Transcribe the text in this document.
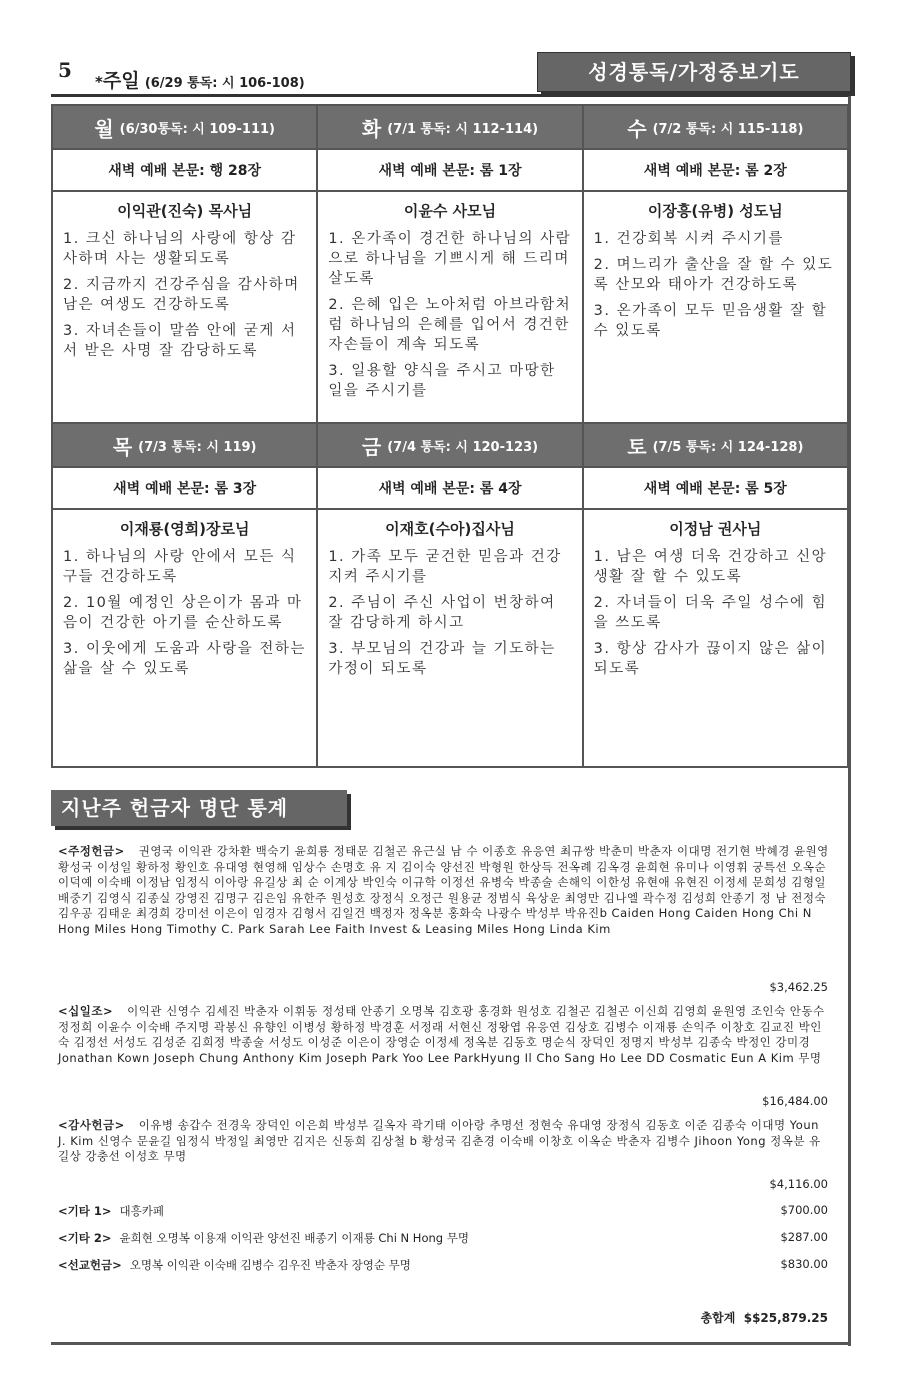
5 *주일 (6/29 통독: 시 106-108)	성경통독/가정중보기도
월 (6/30통독: 시 109-111)
새벽 예배 본문: 행 28장
이익관(진숙) 목사님

1. 크신 하나님의 사랑에 항상 감사하며 사는 생활되도록

2. 지금까지 건강주심을 감사하며 남은 여생도 건강하도록

3. 자녀손들이 말씀 안에 굳게 서서 받은 사명 잘 감당하도록

화 (7/1 통독: 시 112-114)
새벽 예배 본문: 롬 1장
이윤수 사모님

1. 온가족이 경건한 하나님의 사람으로 하나님을 기쁘시게 해 드리며 살도록

2. 은혜 입은 노아처럼 아브라함처럼 하나님의 은혜를 입어서 경건한 자손들이 계속 되도록

3. 일용할 양식을 주시고 마땅한 일을 주시기를

수 (7/2 통독: 시 115-118)
새벽 예배 본문: 롬 2장
이장흥(유병) 성도님

1. 건강회복 시켜 주시기를

2. 며느리가 출산을 잘 할 수 있도록 산모와 태아가 건강하도록

3. 온가족이 모두 믿음생활 잘 할 수 있도록

목 (7/3 통독: 시 119)
새벽 예배 본문: 롬 3장
이재룡(영희)장로님

1. 하나님의 사랑 안에서 모든 식구들 건강하도록

2. 10월 예정인 상은이가 몸과 마음이 건강한 아기를 순산하도록

3. 이웃에게 도움과 사랑을 전하는 삶을 살 수 있도록

금 (7/4 통독: 시 120-123)
새벽 예배 본문: 롬 4장
이재호(수아)집사님

1. 가족 모두 굳건한 믿음과 건강 지켜 주시기를

2. 주님이 주신 사업이 번창하여 잘 감당하게 하시고

3. 부모님의 건강과 늘 기도하는 가정이 되도록

토 (7/5 통독: 시 124-128)
새벽 예배 본문: 롬 5장
이정남 권사님

1. 남은 여생 더욱 건강하고 신앙생활 잘 할 수 있도록

2. 자녀들이 더욱 주일 성수에 힘을 쓰도록

3. 항상 감사가 끊이지 않은 삶이 되도록

지난주 헌금자 명단 통계
<주정헌금> 권영국 이익관 강차환 백숙기 윤희룡 정태문 김철곤 유근실 남 수 이종호 유응연 최규쌍 박춘미 박춘자 이대명 전기현 박혜경 윤원영 황성국 이성일 황하정 황인호 유대영 현영해 임상수 손명호 유 지 김이숙 양선진 박형원 한상득 전옥례 김옥경 윤희현 유미나 이영휘 궁특선 오옥순 이덕예 이숙배 이정남 임정식 이아랑 유길상 최 순 이계상 박인숙 이규학 이정선 유병숙 박종술 손해익 이한성 유현애 유현진 이정세 문희성 김형일 배중기 김영식 김종실 강영진 김명구 김은임 유한주 원성호 장정식 오정근 원용균 정범식 육상운 최영만 김나엘 곽수정 김성희 안종기 정 남 전정숙 김우공 김태운 최경희 강미선 이은이 임경자 김형서 김일건 백정자 정옥분 홍화숙 나광수 박성부 박유진b Caiden Hong Caiden Hong Chi N Hong Miles Hong Timothy C. Park Sarah Lee Faith Invest & Leasing Miles Hong Linda Kim
$3,462.25
<십일조> 이익관 신영수 김세진 박춘자 이휘동 정성태 안종기 오명복 김호광 홍경화 원성호 김철곤 김철곤 이신희 김영희 윤원영 조인숙 안동수 정정희 이윤수 이숙배 주지명 곽봉신 유향인 이병성 황하정 박경훈 서정래 서현신 정왕엽 유응연 김상호 김병수 이재룡 손익주 이창호 김교진 박인숙 김정선 서성도 김성준 김희정 박종술 서성도 이성준 이은이 장영순 이정세 정옥분 김동호 명순식 장덕인 정명지 박성부 김종숙 박정인 강미경 Jonathan Kown Joseph Chung Anthony Kim Joseph Park Yoo Lee ParkHyung Il Cho Sang Ho Lee DD Cosmatic Eun A Kim 무명
$16,484.00
<감사헌금> 이유병 송갑수 전경욱 장덕인 이은희 박성부 길옥자 곽기태 이아랑 추명선 정현숙 유대영 장정식 김동호 이준 김종숙 이대명 Youn J. Kim 신영수 문윤길 임정식 박정일 최영만 김지은 신동희 김상철 b 황성국 김춘경 이숙배 이창호 이옥순 박춘자 김병수 Jihoon Yong 정옥분 유길상 강충선 이성호 무명
$4,116.00
<기타 1> 대흥카페	$700.00
<기타 2> 윤희현 오명복 이용재 이익관 양선진 배종기 이재룡 Chi N Hong 무명	$287.00
<선교헌금> 오명복 이익관 이숙배 김병수 김우진 박춘자 장영순 무명	$830.00
총합계 $$25,879.25
